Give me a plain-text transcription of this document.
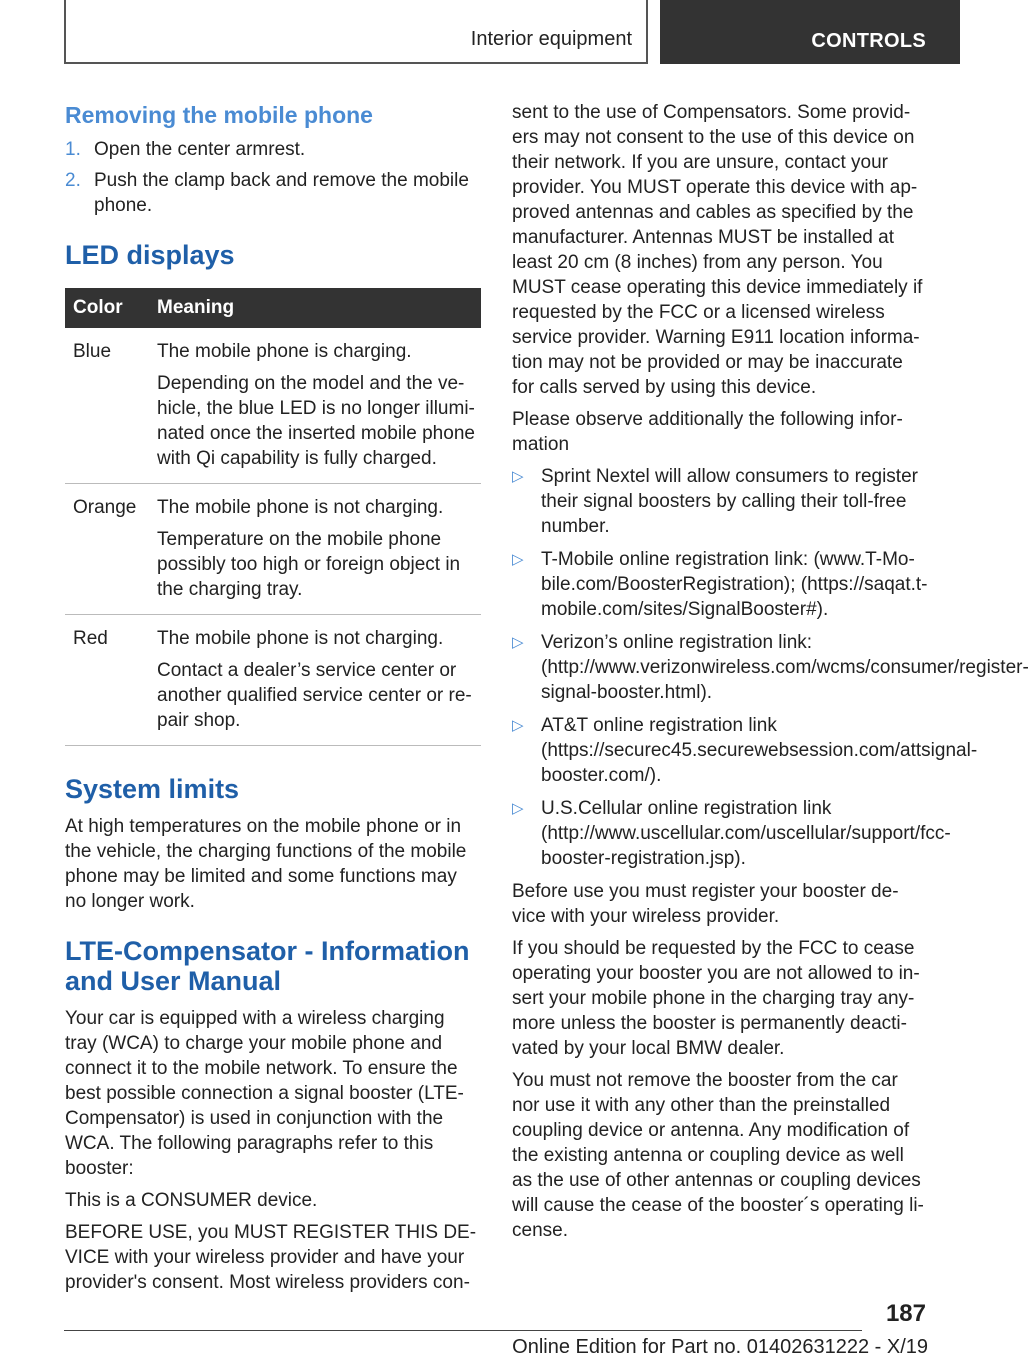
Interior equipment	CONTROLS
Removing the mobile phone
1. Open the center armrest.
2. Push the clamp back and remove the mobile phone.
LED displays
Color	Meaning
Blue	The mobile phone is charging.
Depending on the model and the ve‐hicle, the blue LED is no longer illumi‐nated once the inserted mobile phone with Qi capability is fully charged.

Orange	The mobile phone is not charging.
Temperature on the mobile phone possibly too high or foreign object in the charging tray.

Red	The mobile phone is not charging.
Contact a dealer’s service center or another qualified service center or re‐pair shop.
System limits

At high temperatures on the mobile phone or in the vehicle, the charging functions of the mobile phone may be limited and some functions may no longer work.

LTE-Compensator - Information and User Manual

Your car is equipped with a wireless charging tray (WCA) to charge your mobile phone and connect it to the mobile network. To ensure the best possible connection a signal booster (LTE-Compensator) is used in conjunction with the WCA. The following paragraphs refer to this booster:

This is a CONSUMER device.

BEFORE USE, you MUST REGISTER THIS DE‐VICE with your wireless provider and have your provider's consent. Most wireless providers con‐

sent to the use of Compensators. Some provid‐ers may not consent to the use of this device on their network. If you are unsure, contact your provider. You MUST operate this device with ap‐proved antennas and cables as specified by the manufacturer. Antennas MUST be installed at least 20 cm (8 inches) from any person. You MUST cease operating this device immediately if requested by the FCC or a licensed wireless service provider. Warning E911 location informa‐tion may not be provided or may be inaccurate for calls served by using this device.

Please observe additionally the following infor‐mation

▷ Sprint Nextel will allow consumers to register their signal boosters by calling their toll-free number.
▷ T-Mobile online registration link: (www.T-Mo‐bile.com/BoosterRegistration); (https://saqat.t-mobile.com/sites/SignalBooster#).
▷ Verizon’s online registration link: (http://www.verizonwireless.com/wcms/consumer/register-signal-booster.html).
▷ AT&T online registration link (https://securec45.securewebsession.com/attsignal-booster.com/).
▷ U.S.Cellular online registration link (http://www.uscellular.com/uscellular/support/fcc-booster-registration.jsp).

Before use you must register your booster de‐vice with your wireless provider.

If you should be requested by the FCC to cease operating your booster you are not allowed to in‐sert your mobile phone in the charging tray any‐more unless the booster is permanently deacti‐vated by your local BMW dealer.

You must not remove the booster from the car nor use it with any other than the preinstalled coupling device or antenna. Any modification of the existing antenna or coupling device as well as the use of other antennas or coupling devices will cause the cease of the booster´s operating li‐cense.

187
Online Edition for Part no. 01402631222 - X/19
